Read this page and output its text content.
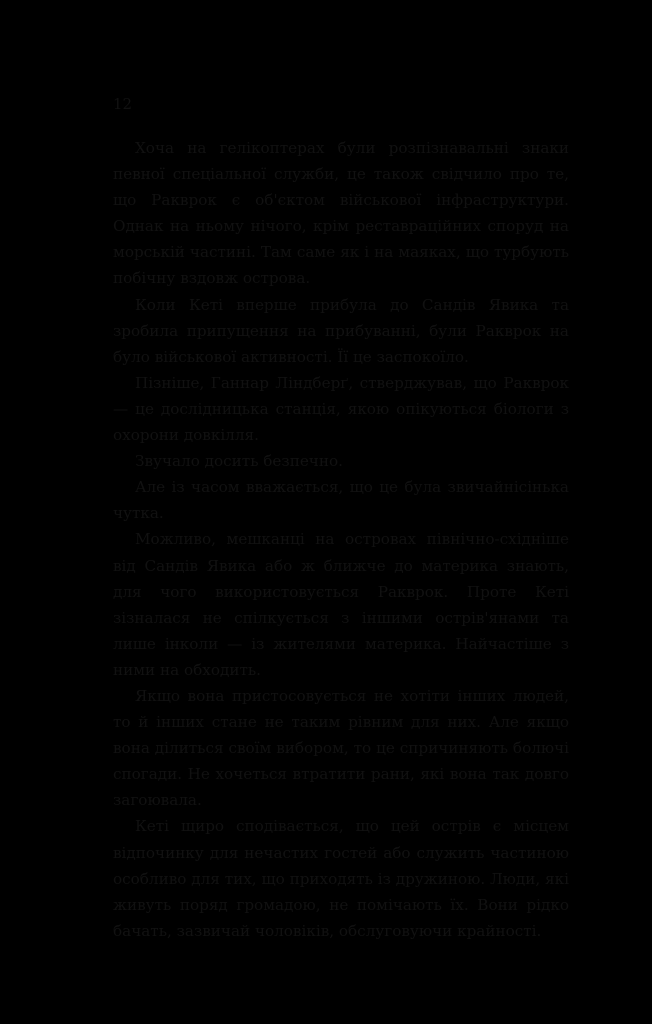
12

Хоча на гелікоптерах були розпізнавальні знаки певної спеціальної служби, це також свідчило про те, що Ракврок є об'єктом військової інфраструктури. Однак на ньому нічого, крім реставраційних споруд на морській частині. Там саме як і на маяках, що турбують побічну вздовж острова.

Коли Кеті вперше прибула до Сандів Явика та зробила припущення на прибуванні, були Ракврок на було військової активності. Її це заспокоїло.

Пізніше, Ганнар Ліндберґ, стверджував, що Ракврок — це дослідницька станція, якою опікуються біологи з охорони довкілля.

Звучало досить безпечно.

Але із часом вважається, що це була звичайнісінька чутка.

Можливо, мешканці на островах північно-східніше від Сандів Явика або ж ближче до материка знають, для чого використовується Ракврок. Проте Кеті зізналася не спілкується з іншими острів'янами та лише інколи — із жителями материка. Найчастіше з ними на обходить.

Якщо вона пристосовується не хотіти інших людей, то й інших стане не таким рівним для них. Але якщо вона ділиться своїм вибором, то це спричиняють болючі спогади. Не хочеться втратити рани, які вона так довго загоювала.

Кеті щиро сподівається, що цей острів є місцем відпочинку для нечастих гостей або служить частиною особливо для тих, що приходять із дружиною. Люди, які живуть поряд громадою, не помічають їх. Вони рідко бачать, зазвичай чоловіків, обслуговуючи крайності.
